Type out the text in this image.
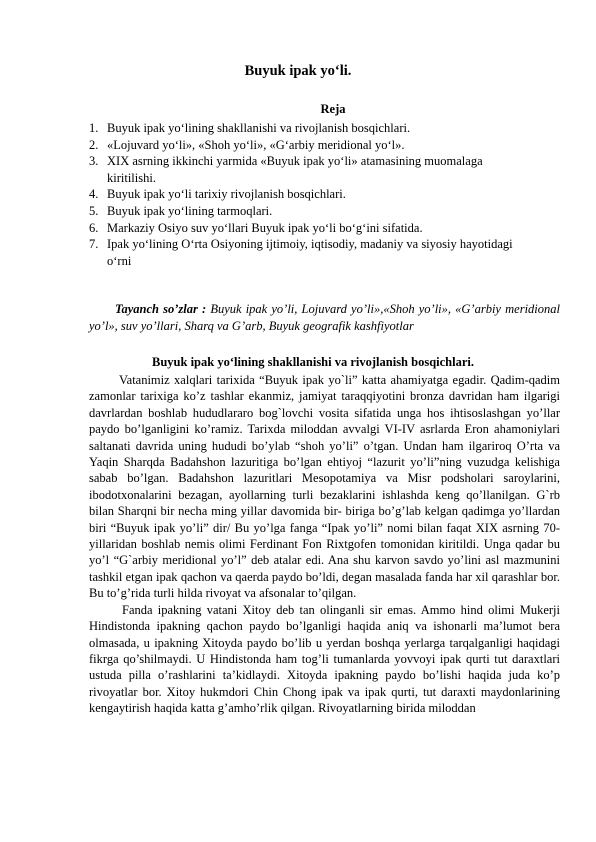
Buyuk ipak yo‘li.
Reja
1. Buyuk ipak yo‘lining shakllanishi va rivojlanish bosqichlari.
2. «Lojuvard yo‘li», «Shoh yo‘li», «G‘arbiy meridional yo‘l».
3. XIX asrning ikkinchi yarmida «Buyuk ipak yo‘li» atamasining muomalaga kiritilishi.
4. Buyuk ipak yo‘li tarixiy rivojlanish bosqichlari.
5. Buyuk ipak yo‘lining tarmoqlari.
6. Markaziy Osiyo suv yo‘llari Buyuk ipak yo‘li bo‘g‘ini sifatida.
7. Ipak yo‘lining O‘rta Osiyoning ijtimoiy, iqtisodiy, madaniy va siyosiy hayotidagi o‘rni
Tayanch so’zlar : Buyuk ipak yo’li, Lojuvard yo’li»,«Shoh yo’li», «G’arbiy meridional yo’l», suv yo’llari, Sharq va G’arb, Buyuk geografik kashfiyotlar
Buyuk ipak yo‘lining shakllanishi va rivojlanish bosqichlari.

Vatanimiz xalqlari tarixida “Buyuk ipak yo`li” katta ahamiyatga egadir. Qadim-qadim zamonlar tarixiga ko’z tashlar ekanmiz, jamiyat taraqqiyotini bronza davridan ham ilgarigi davrlardan boshlab hududlararo bog`lovchi vosita sifatida unga hos ihtisoslashgan yo’llar paydo bo’lganligini ko’ramiz. Tarixda miloddan avvalgi VI-IV asrlarda Eron ahamoniylari saltanati davrida uning hududi bo’ylab “shoh yo’li” o’tgan. Undan ham ilgariroq O’rta va Yaqin Sharqda Badahshon lazuritiga bo’lgan ehtiyoj “lazurit yo’li”ning vuzudga kelishiga sabab bo’lgan. Badahshon lazuritlari Mesopotamiya va Misr podsholari saroylarini, ibodotxonalarini bezagan, ayollarning turli bezaklarini ishlashda keng qo’llanilgan. G`rb bilan Sharqni bir necha ming yillar davomida bir- biriga bo’g’lab kelgan qadimga yo’llardan biri “Buyuk ipak yo’li” dir/ Bu yo’lga fanga “Ipak yo’li” nomi bilan faqat XIX asrning 70- yillaridan boshlab nemis olimi Ferdinant Fon Rixtgofen tomonidan kiritildi. Unga qadar bu yo’l “G`arbiy meridional yo’l” deb atalar edi. Ana shu karvon savdo yo’lini asl mazmunini tashkil etgan ipak qachon va qaerda paydo bo’ldi, degan masalada fanda har xil qarashlar bor. Bu to’g’rida turli hilda rivoyat va afsonalar to’qilgan.

Fanda ipakning vatani Xitoy deb tan olinganli sir emas. Ammo hind olimi Mukerji Hindistonda ipakning qachon paydo bo’lganligi haqida aniq va ishonarli ma’lumot bera olmasada, u ipakning Xitoyda paydo bo’lib u yerdan boshqa yerlarga tarqalganligi haqidagi fikrga qo’shilmaydi. U Hindistonda ham tog’li tumanlarda yovvoyi ipak qurti tut daraxtlari ustuda pilla o’rashlarini ta’kidlaydi. Xitoyda ipakning paydo bo’lishi haqida juda ko’p rivoyatlar bor. Xitoy hukmdori Chin Chong ipak va ipak qurti, tut daraxti maydonlarining kengaytirish haqida katta g’amho’rlik qilgan. Rivoyatlarning birida miloddan
